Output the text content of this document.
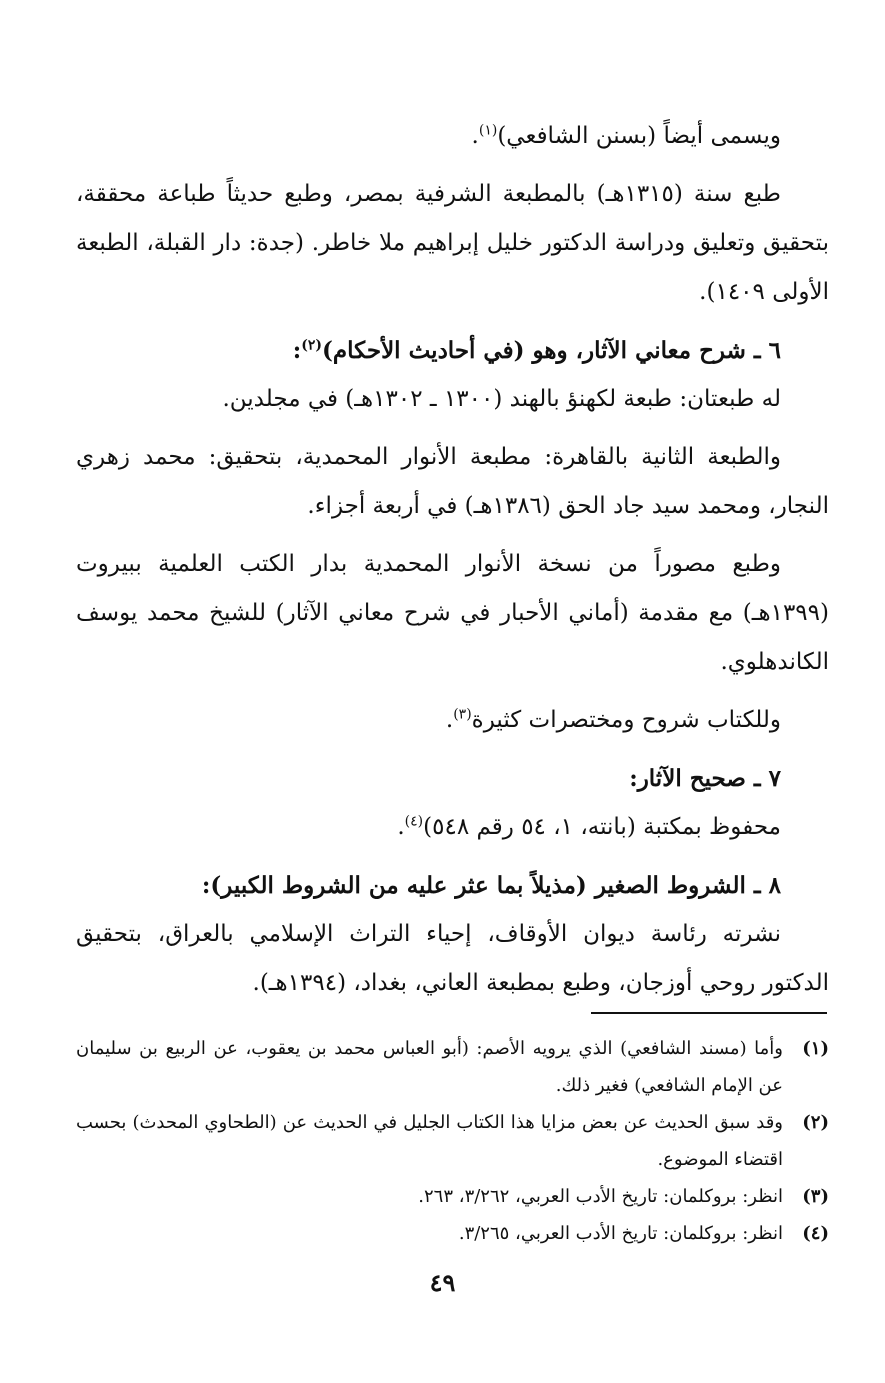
ويسمى أيضاً (بسنن الشافعي)$^{(١)}$.

طبع سنة (١٣١٥هـ) بالمطبعة الشرفية بمصر، وطبع حديثاً طباعة محققة، بتحقيق وتعليق ودراسة الدكتور خليل إبراهيم ملا خاطر. (جدة: دار القبلة، الطبعة الأولى ١٤٠٩).

٦ ـ شرح معاني الآثار، وهو (في أحاديث الأحكام)$^{(٢)}$:

له طبعتان: طبعة لكهنؤ بالهند (١٣٠٠ ـ ١٣٠٢هـ) في مجلدين.

والطبعة الثانية بالقاهرة: مطبعة الأنوار المحمدية، بتحقيق: محمد زهري النجار، ومحمد سيد جاد الحق (١٣٨٦هـ) في أربعة أجزاء.

وطبع مصوراً من نسخة الأنوار المحمدية بدار الكتب العلمية ببيروت (١٣٩٩هـ) مع مقدمة (أماني الأحبار في شرح معاني الآثار) للشيخ محمد يوسف الكاندهلوي.

وللكتاب شروح ومختصرات كثيرة$^{(٣)}$.

٧ ـ صحيح الآثار:

محفوظ بمكتبة (بانته، ١، ٥٤ رقم ٥٤٨)$^{(٤)}$.

٨ ـ الشروط الصغير (مذيلاً بما عثر عليه من الشروط الكبير):

نشرته رئاسة ديوان الأوقاف، إحياء التراث الإسلامي بالعراق، بتحقيق الدكتور روحي أوزجان، وطبع بمطبعة العاني، بغداد، (١٣٩٤هـ).

(١)
وأما (مسند الشافعي) الذي يرويه الأصم: (أبو العباس محمد بن يعقوب، عن الربيع بن سليمان عن الإمام الشافعي) فغير ذلك.
(٢)
وقد سبق الحديث عن بعض مزايا هذا الكتاب الجليل في الحديث عن (الطحاوي المحدث) بحسب اقتضاء الموضوع.
(٣)
انظر: بروكلمان: تاريخ الأدب العربي، ٣/٢٦٢، ٢٦٣.
(٤)
انظر: بروكلمان: تاريخ الأدب العربي، ٣/٢٦٥.
٤٩
